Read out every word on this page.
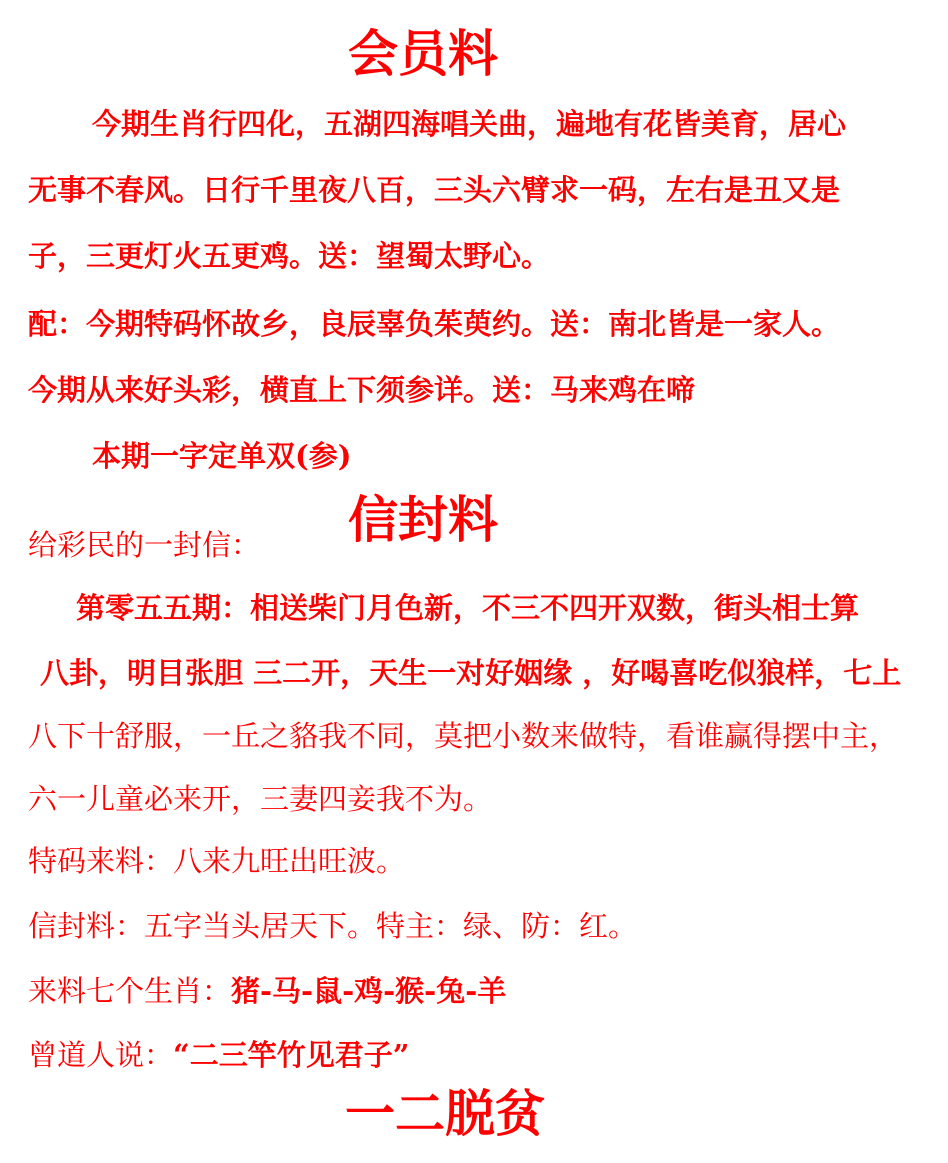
会员料
今期生肖行四化，五湖四海唱关曲，遍地有花皆美育，居心
无事不春风。日行千里夜八百，三头六臂求一码，左右是丑又是
子，三更灯火五更鸡。送：望蜀太野心。
配：今期特码怀故乡，良辰辜负茱萸约。送：南北皆是一家人。
今期从来好头彩，横直上下须参详。送：马来鸡在啼
本期一字定单双(参)
信封料
给彩民的一封信：
第零五五期：相送柴门月色新，不三不四开双数，街头相士算
八卦，明目张胆 三二开，天生一对好姻缘 ，好喝喜吃似狼样，七上
八下十舒服，一丘之貉我不同，莫把小数来做特，看谁赢得摆中主，
六一儿童必来开，三妻四妾我不为。
特码来料：八来九旺出旺波。
信封料：五字当头居天下。特主：绿、防：红。
来料七个生肖：猪-马-鼠-鸡-猴-兔-羊
曾道人说：“二三竿竹见君子”
一二脱贫
